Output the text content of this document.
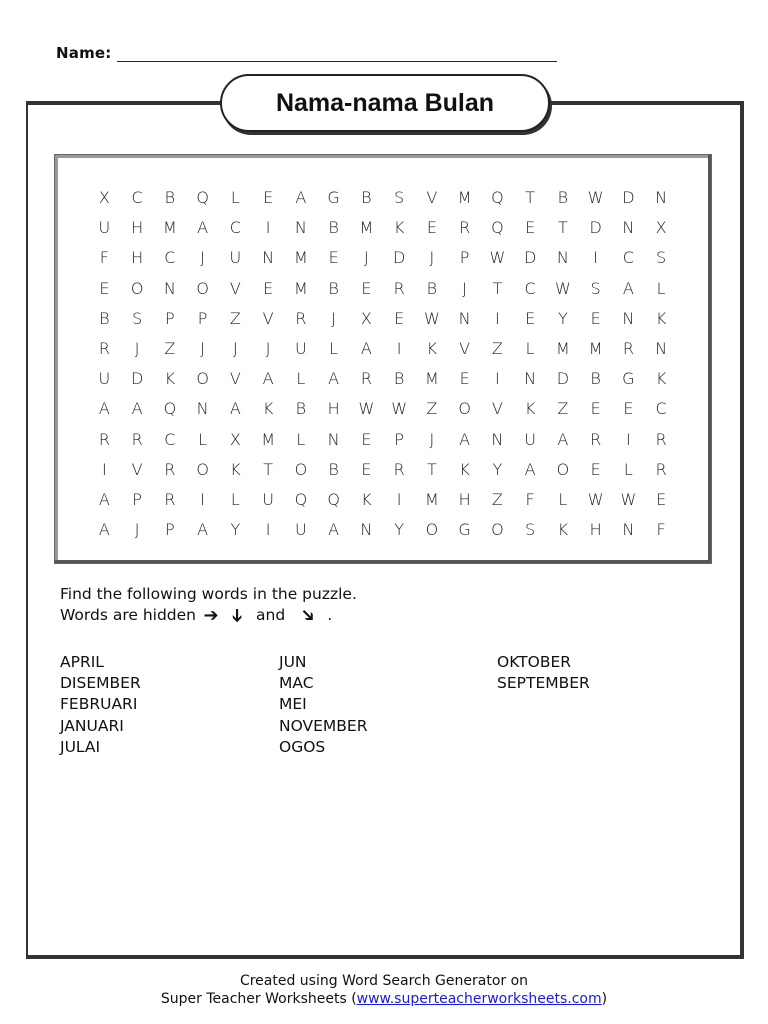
Name:
Nama-nama Bulan
X	C	B	Q	L	E	A	G	B	S	V	M	Q	T	B	W	D	N
U	H	M	A	C	I	N	B	M	K	E	R	Q	E	T	D	N	X
F	H	C	J	U	N	M	E	J	D	J	P	W	D	N	I	C	S
E	O	N	O	V	E	M	B	E	R	B	J	T	C	W	S	A	L
B	S	P	P	Z	V	R	J	X	E	W	N	I	E	Y	E	N	K
R	J	Z	J	J	J	U	L	A	I	K	V	Z	L	M	M	R	N
U	D	K	O	V	A	L	A	R	B	M	E	I	N	D	B	G	K
A	A	Q	N	A	K	B	H	W	W	Z	O	V	K	Z	E	E	C
R	R	C	L	X	M	L	N	E	P	J	A	N	U	A	R	I	R
I	V	R	O	K	T	O	B	E	R	T	K	Y	A	O	E	L	R
A	P	R	I	L	U	Q	Q	K	I	M	H	Z	F	L	W	W	E
A	J	P	A	Y	I	U	A	N	Y	O	G	O	S	K	H	N	F
Find the following words in the puzzle.
Words are hidden ➔ ➔ and ➔ .
APRIL
DISEMBER
FEBRUARI
JANUARI
JULAI
JUN
MAC
MEI
NOVEMBER
OGOS
OKTOBER
SEPTEMBER
Created using Word Search Generator on
Super Teacher Worksheets (www.superteacherworksheets.com)
